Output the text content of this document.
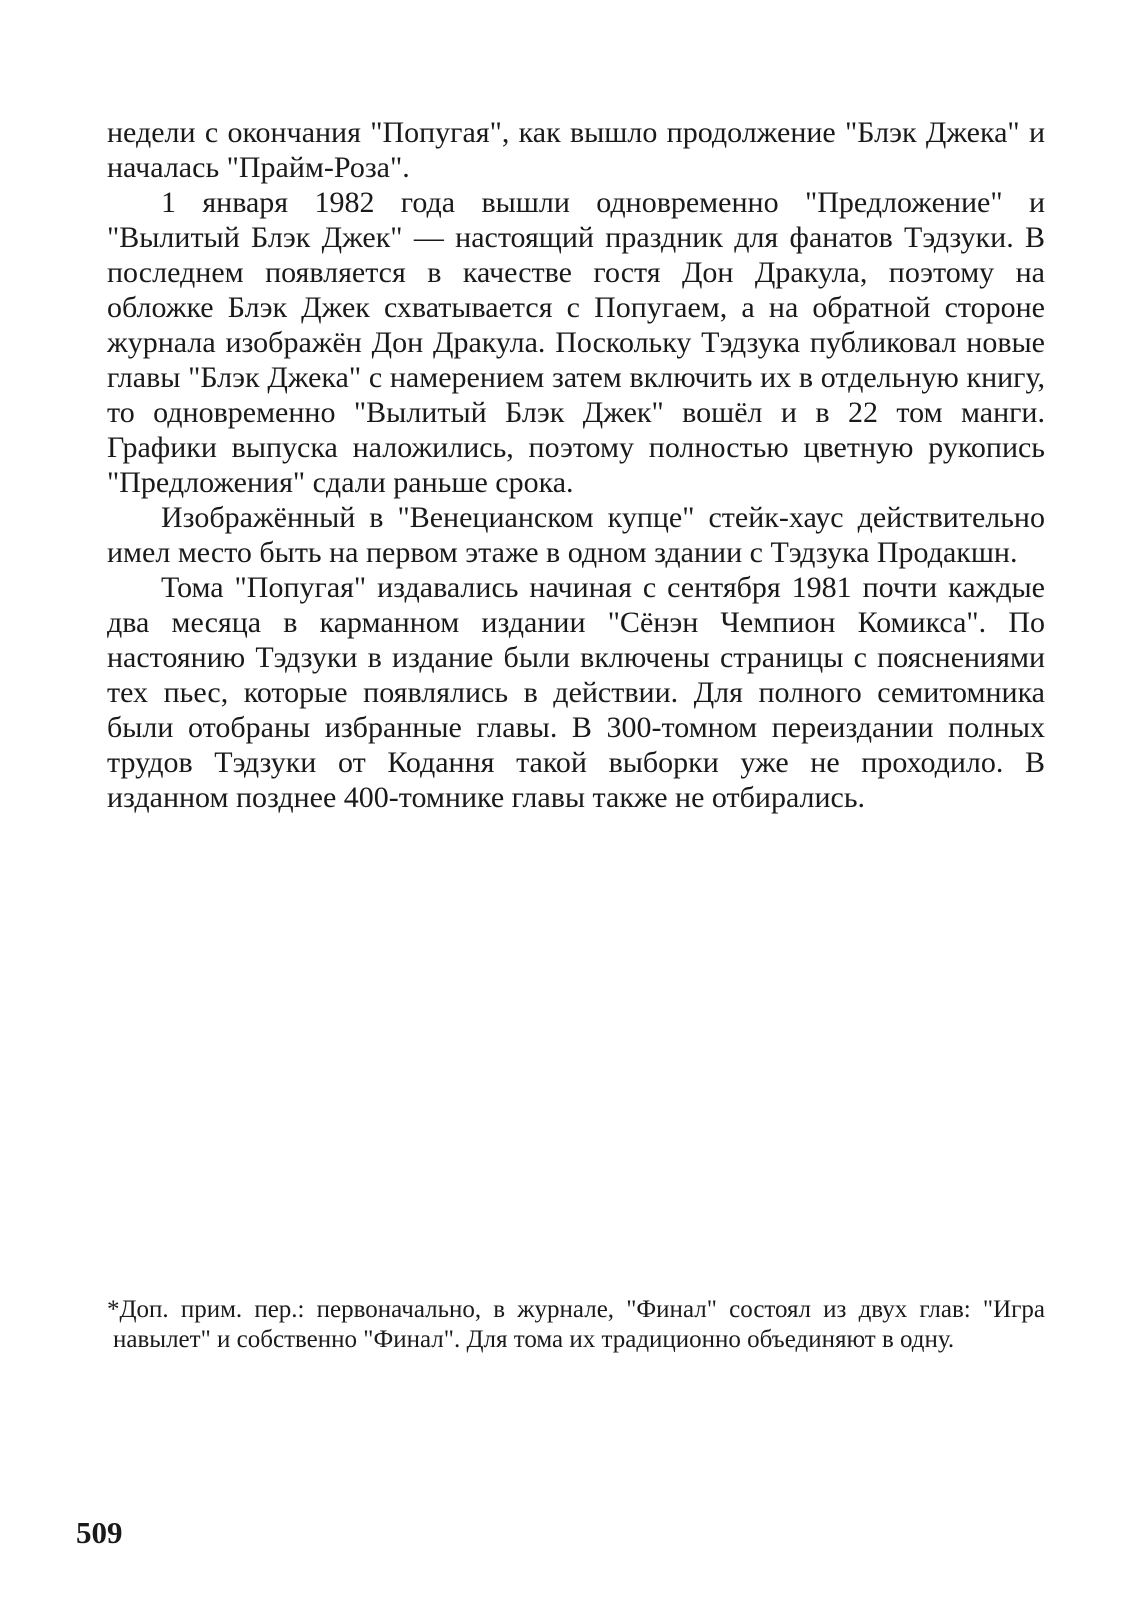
недели с окончания "Попугая", как вышло продолжение "Блэк Джека" и началась "Прайм-Роза".

1 января 1982 года вышли одновременно "Предложение" и "Вылитый Блэк Джек" — настоящий праздник для фанатов Тэдзуки. В последнем появляется в качестве гостя Дон Дракула, поэтому на обложке Блэк Джек схватывается с Попугаем, а на обратной стороне журнала изображён Дон Дракула. Поскольку Тэдзука публиковал новые главы "Блэк Джека" с намерением затем включить их в отдельную книгу, то одновременно "Вылитый Блэк Джек" вошёл и в 22 том манги. Графики выпуска наложились, поэтому полностью цветную рукопись "Предложения" сдали раньше срока.

Изображённый в "Венецианском купце" стейк-хаус действительно имел место быть на первом этаже в одном здании с Тэдзука Продакшн.

Тома "Попугая" издавались начиная с сентября 1981 почти каждые два месяца в карманном издании "Сёнэн Чемпион Комикса". По настоянию Тэдзуки в издание были включены страницы с пояснениями тех пьес, которые появлялись в действии. Для полного семитомника были отобраны избранные главы. В 300-томном переиздании полных трудов Тэдзуки от Кодання такой выборки уже не проходило. В изданном позднее 400-томнике главы также не отбирались.

*Доп. прим. пер.: первоначально, в журнале, "Финал" состоял из двух глав: "Игра навылет" и собственно "Финал". Для тома их традиционно объединяют в одну.
509
